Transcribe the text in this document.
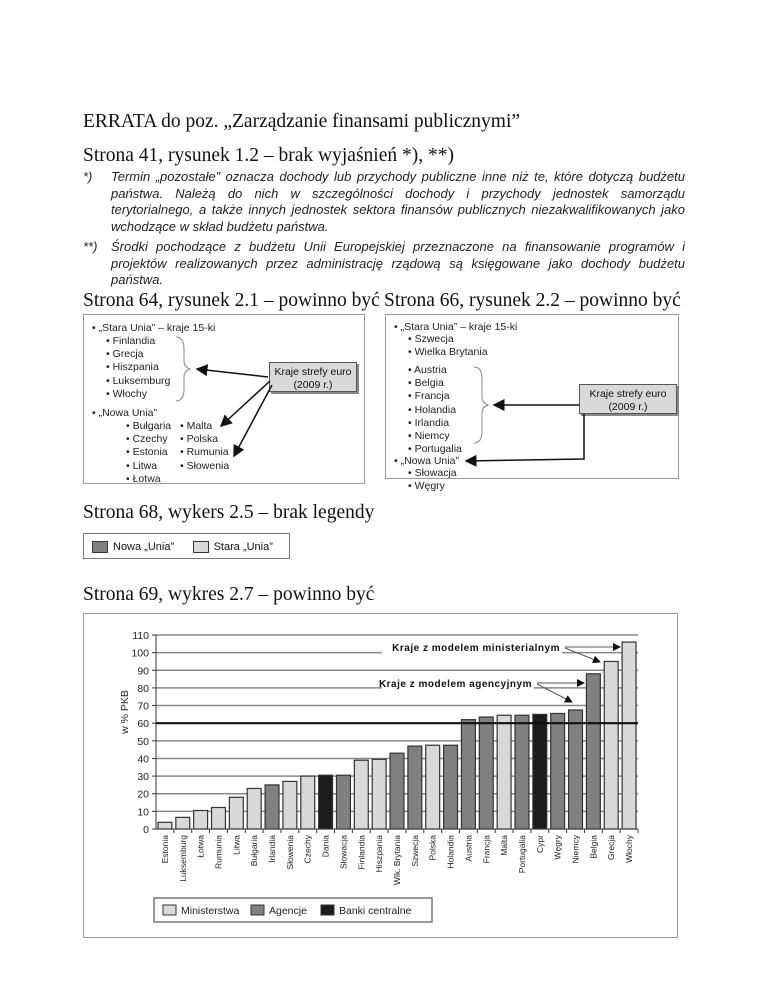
ERRATA do poz. „Zarządzanie finansami publicznymi”
Strona 41, rysunek 1.2 – brak wyjaśnień *), **)
*) Termin „pozostałe” oznacza dochody lub przychody publiczne inne niż te, które dotyczą budżetu państwa. Należą do nich w szczególności dochody i przychody jednostek samorządu terytorialnego, a także innych jednostek sektora finansów publicznych niezakwalifikowanych jako wchodzące w skład budżetu państwa.
**) Środki pochodzące z budżetu Unii Europejskiej przeznaczone na finansowanie programów i projektów realizowanych przez administrację rządową są księgowane jako dochody budżetu państwa.
Strona 64, rysunek 2.1 – powinno być Strona 66, rysunek 2.2 – powinno być
• „Stara Unia” – kraje 15-ki
• Finlandia
• Grecja
• Hiszpania
• Luksemburg
• Włochy
• „Nowa Unia”
• Bułgaria
• Czechy
• Estonia
• Litwa
• Łotwa
• Malta
• Polska
• Rumunia
• Słowenia
Kraje strefy euro
(2009 r.)
• „Stara Unia” – kraje 15-ki
• Szwecja
• Wielka Brytania
• Austria
• Belgia
• Francja
• Holandia
• Irlandia
• Niemcy
• Portugalia
• „Nowa Unia”
• Słowacja
• Węgry
Kraje strefy euro
(2009 r.)
Strona 68, wykers 2.5 – brak legendy
Nowa „Unia”
	Stara „Unia”
Strona 69, wykres 2.7 – powinno być
0
10
20
30
40
50
60
70
80
90
100
110
w % PKB
Estonia Luksemburg Łotwa Rumunia Litwa Bułgaria Irlandia Słowenia Czechy Dania Słowacja Finlandia Hiszpania Wlk. Brytania Szwecja Polska Holandia Austria Francja Malta Portugalia Cypr Węgry Niemcy Belgia Grecja Włochy
Kraje z modelem ministerialnym
Kraje z modelem agencyjnym
Ministerstwa	Agencje	Banki centralne
